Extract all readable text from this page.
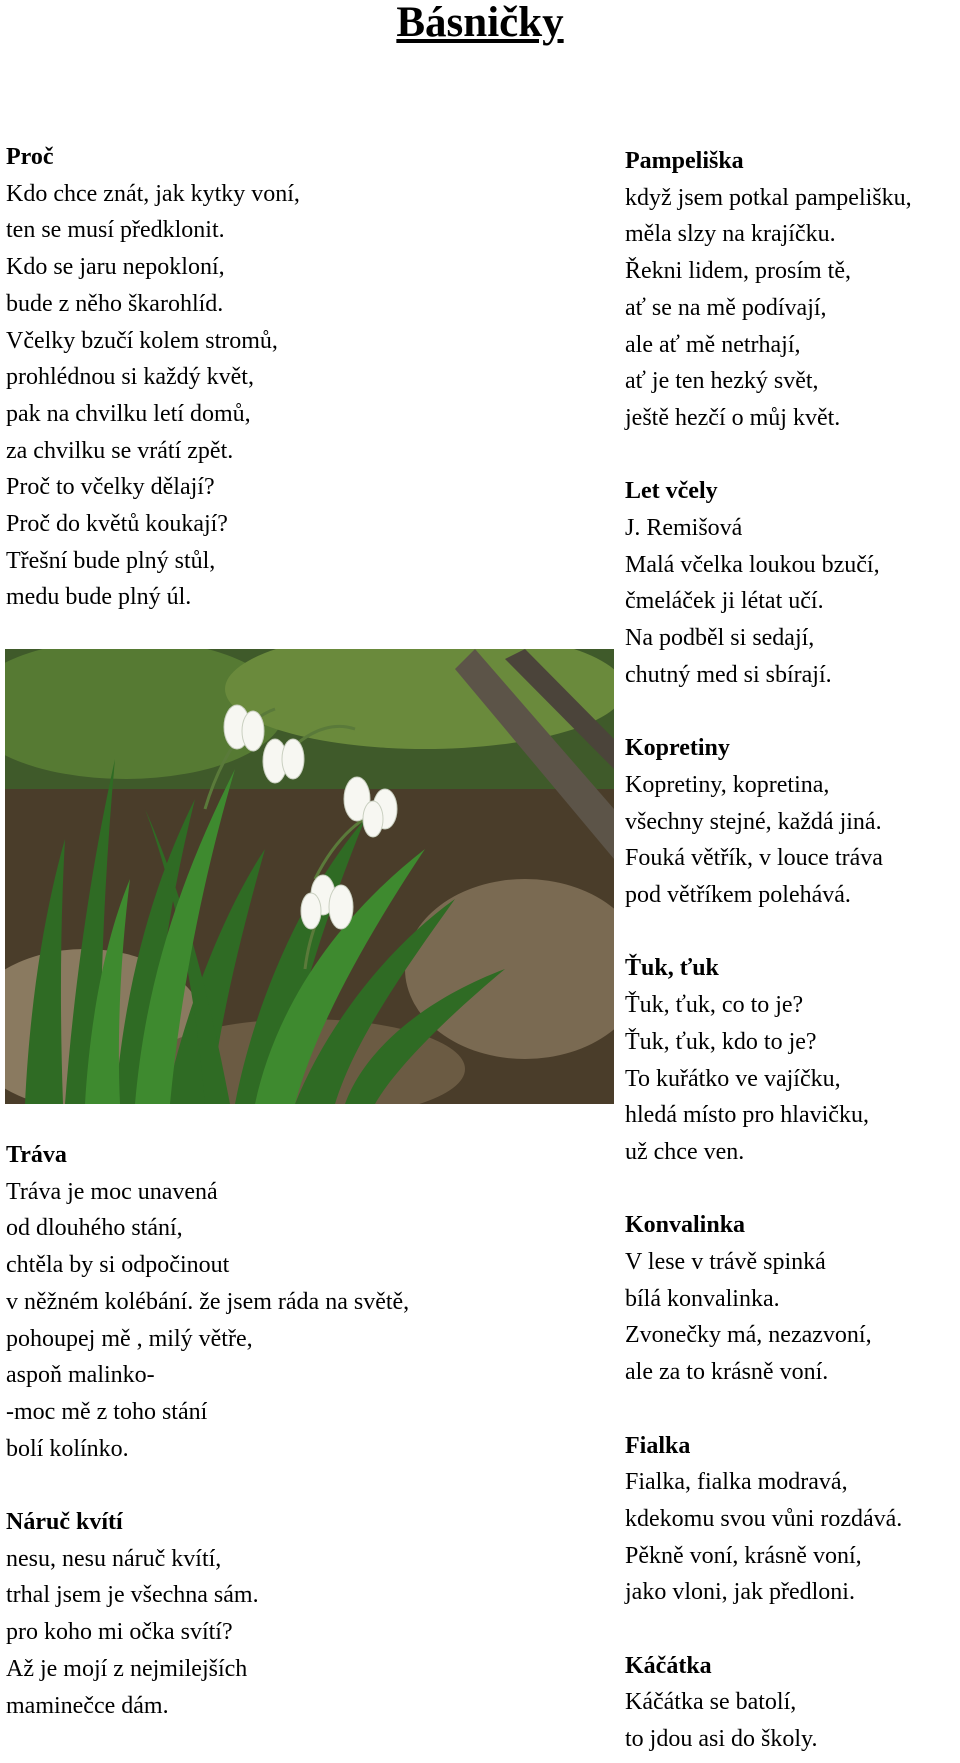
Básničky
Proč
Kdo chce znát, jak kytky voní,
ten se musí předklonit.
Kdo se jaru nepokloní,
bude z něho škarohlíd.
Včelky bzučí kolem stromů,
prohlédnou si každý květ,
pak na chvilku letí domů,
za chvilku se vrátí zpět.
Proč to včelky dělají?
Proč do květů koukají?
Třešní bude plný stůl,
medu bude plný úl.
Tráva
Tráva je moc unavená
od dlouhého stání,
chtěla by si odpočinout
v něžném kolébání. že jsem ráda na světě,
pohoupej mě , milý větře,
aspoň malinko-
-moc mě z toho stání
bolí kolínko.
Náruč kvítí
nesu, nesu náruč kvítí,
trhal jsem je všechna sám.
pro koho mi očka svítí?
Až je mojí z nejmilejších
maminečce dám.
Pampeliška
když jsem potkal pampelišku,
měla slzy na krajíčku.
Řekni lidem, prosím tě,
ať se na mě podívají,
ale ať mě netrhají,
ať je ten hezký svět,
ještě hezčí o můj květ.
Let včely
J. Remišová
Malá včelka loukou bzučí,
čmeláček ji létat učí.
Na podběl si sedají,
chutný med si sbírají.
Kopretiny
Kopretiny, kopretina,
všechny stejné, každá jiná.
Fouká větřík, v louce tráva
pod větříkem polehává.
Ťuk, ťuk
Ťuk, ťuk, co to je?
Ťuk, ťuk, kdo to je?
To kuřátko ve vajíčku,
hledá místo pro hlavičku,
už chce ven.
Konvalinka
V lese v trávě spinká
bílá konvalinka.
Zvonečky má, nezazvoní,
ale za to krásně voní.
Fialka
Fialka, fialka modravá,
kdekomu svou vůni rozdává.
Pěkně voní, krásně voní,
jako vloni, jak předloni.
Káčátka
Káčátka se batolí,
to jdou asi do školy.
